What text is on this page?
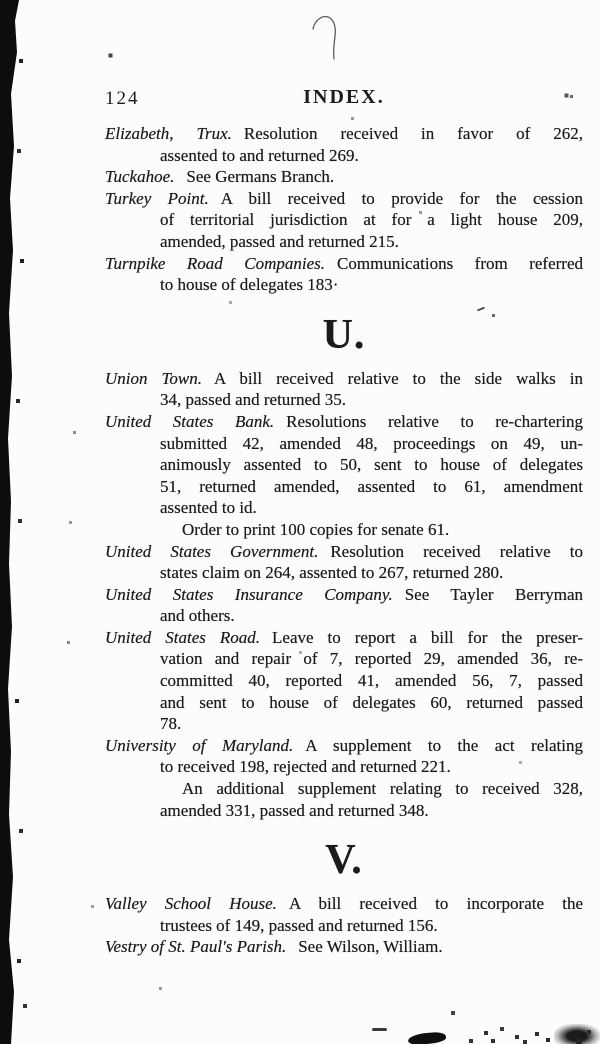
124	INDEX.
Elizabeth, Trux. Resolution received in favor of 262,
assented to and returned 269.
Tuckahoe. See Germans Branch.
Turkey Point. A bill received to provide for the cession
of territorial jurisdiction at for a light house 209,
amended, passed and returned 215.
Turnpike Road Companies. Communications from referred
to house of delegates 183·
U.
Union Town. A bill received relative to the side walks in
34, passed and returned 35.
United States Bank. Resolutions relative to re-chartering
submitted 42, amended 48, proceedings on 49, un-
animously assented to 50, sent to house of delegates
51, returned amended, assented to 61, amendment
assented to id.
Order to print 100 copies for senate 61.
United States Government. Resolution received relative to
states claim on 264, assented to 267, returned 280.
United States Insurance Company. See Tayler Berryman
and others.
United States Road. Leave to report a bill for the preser-
vation and repair of 7, reported 29, amended 36, re-
committed 40, reported 41, amended 56, 7, passed
and sent to house of delegates 60, returned passed
78.
University of Maryland. A supplement to the act relating
to received 198, rejected and returned 221.
An additional supplement relating to received 328,
amended 331, passed and returned 348.
V.
Valley School House. A bill received to incorporate the
trustees of 149, passed and returned 156.
Vestry of St. Paul's Parish. See Wilson, William.
